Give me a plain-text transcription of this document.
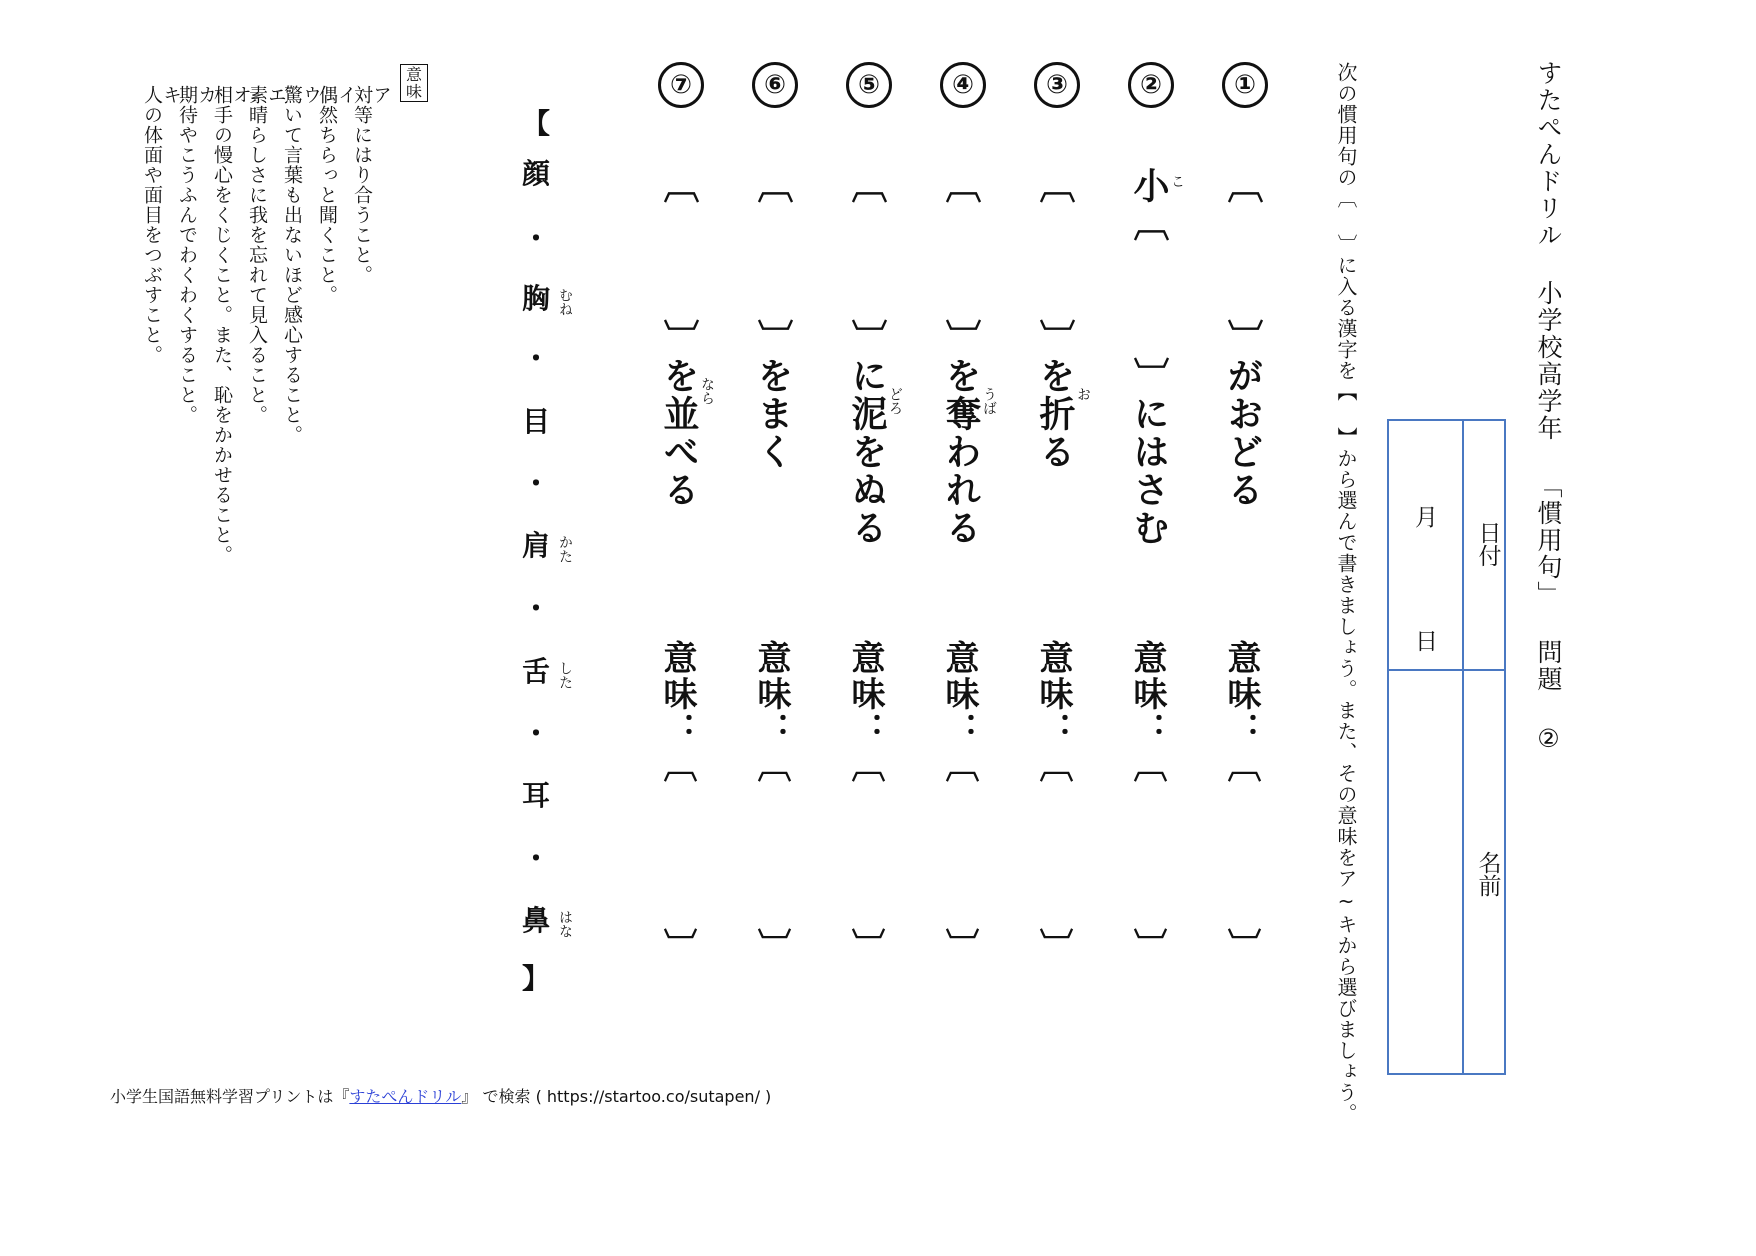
すたぺんドリル 小学校高学年 「慣用句」 問題 ②
日付
月
日
名前
次の慣用句の︹ ︺に入る漢字を【 】から選んで書きましょう。また、その意味をア~キから選びましょう。
①
︹　　　︺がおどる
意味：︹　　　　︺
②
小︹　　　︺にはさむ こ
意味：︹　　　　︺
③
︹　　　︺を折る お
意味：︹　　　　︺
④
︹　　　︺を奪われる うば
意味：︹　　　　︺
⑤
︹　　　︺に泥をぬる どろ
意味：︹　　　　︺
⑥
︹　　　︺をまく
意味：︹　　　　︺
⑦
︹　　　︺を並べる なら
意味：︹　　　　︺
【
顔
・
胸 むね
・
目
・
肩 かた
・
舌 した
・
耳
・
鼻 はな
】
意味
ア
対等にはり合うこと。
イ
偶然ちらっと聞くこと。
ウ
驚いて言葉も出ないほど感心すること。
エ
素晴らしさに我を忘れて見入ること。
オ
相手の慢心をくじくこと。また、恥をかかせること。
カ
期待やこうふんでわくわくすること。
キ
人の体面や面目をつぶすこと。
小学生国語無料学習プリントは『すたぺんドリル』 で検索 ( https://startoo.co/sutapen/ )
